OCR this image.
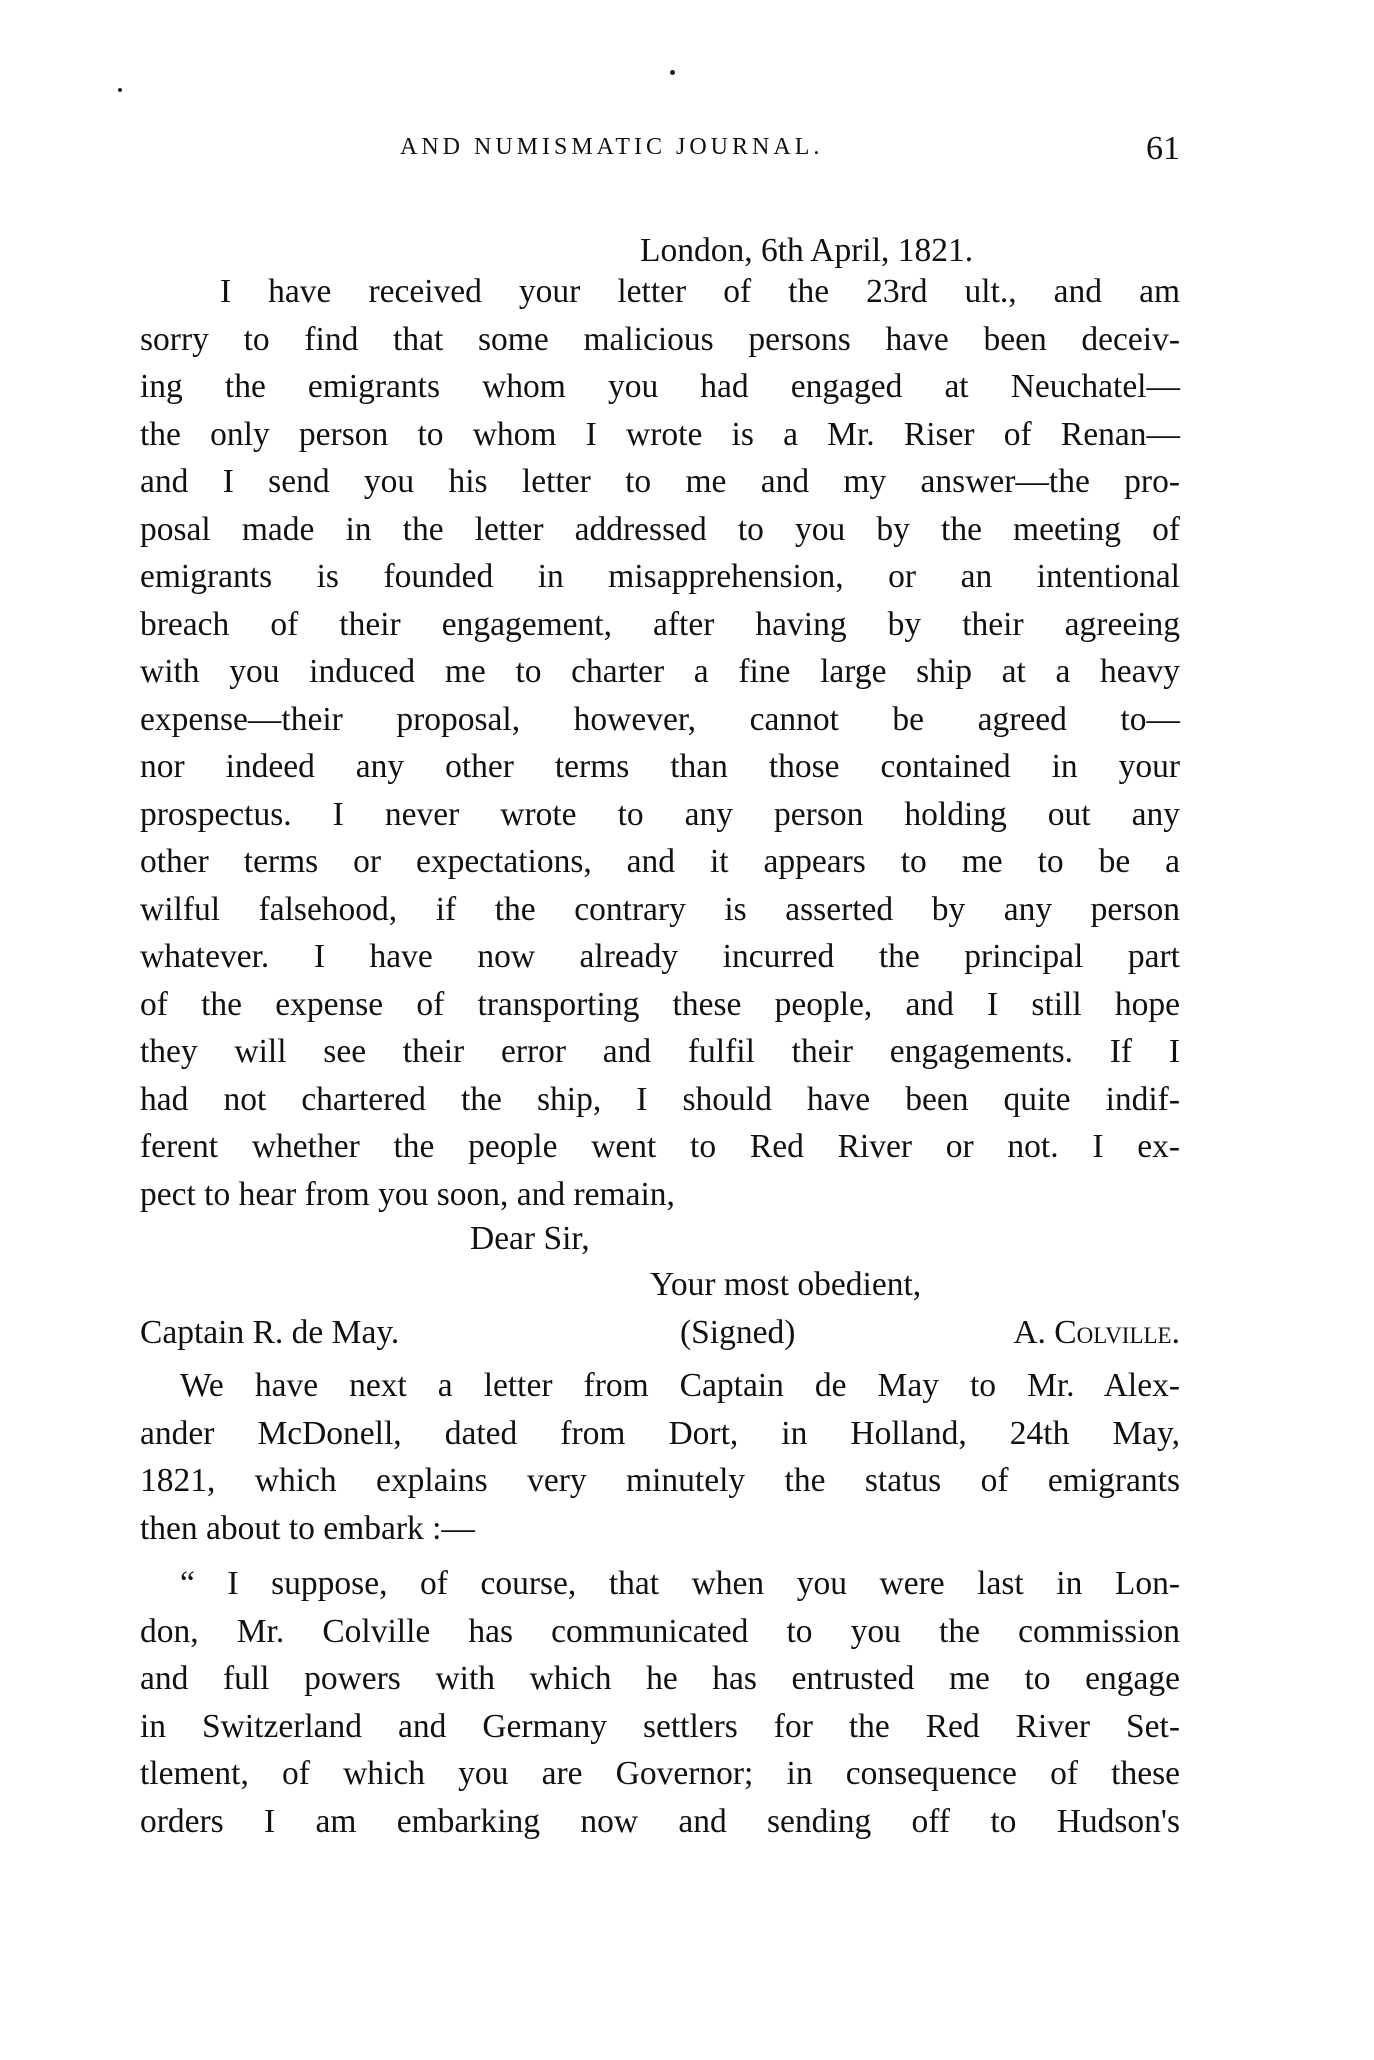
AND NUMISMATIC JOURNAL.	61
London, 6th April, 1821.
I have received your letter of the 23rd ult., and am
sorry to find that some malicious persons have been deceiv-
ing the emigrants whom you had engaged at Neuchatel—
the only person to whom I wrote is a Mr. Riser of Renan—
and I send you his letter to me and my answer—the pro-
posal made in the letter addressed to you by the meeting of
emigrants is founded in misapprehension, or an intentional
breach of their engagement, after having by their agreeing
with you induced me to charter a fine large ship at a heavy
expense—their proposal, however, cannot be agreed to—
nor indeed any other terms than those contained in your
prospectus. I never wrote to any person holding out any
other terms or expectations, and it appears to me to be a
wilful falsehood, if the contrary is asserted by any person
whatever. I have now already incurred the principal part
of the expense of transporting these people, and I still hope
they will see their error and fulfil their engagements. If I
had not chartered the ship, I should have been quite indif-
ferent whether the people went to Red River or not. I ex-
pect to hear from you soon, and remain,
Dear Sir,
Your most obedient,
Captain R. de May.	(Signed)	A. Colville.
We have next a letter from Captain de May to Mr. Alex-
ander McDonell, dated from Dort, in Holland, 24th May,
1821, which explains very minutely the status of emigrants
then about to embark :—
“ I suppose, of course, that when you were last in Lon-
don, Mr. Colville has communicated to you the commission
and full powers with which he has entrusted me to engage
in Switzerland and Germany settlers for the Red River Set-
tlement, of which you are Governor; in consequence of these
orders I am embarking now and sending off to Hudson's
